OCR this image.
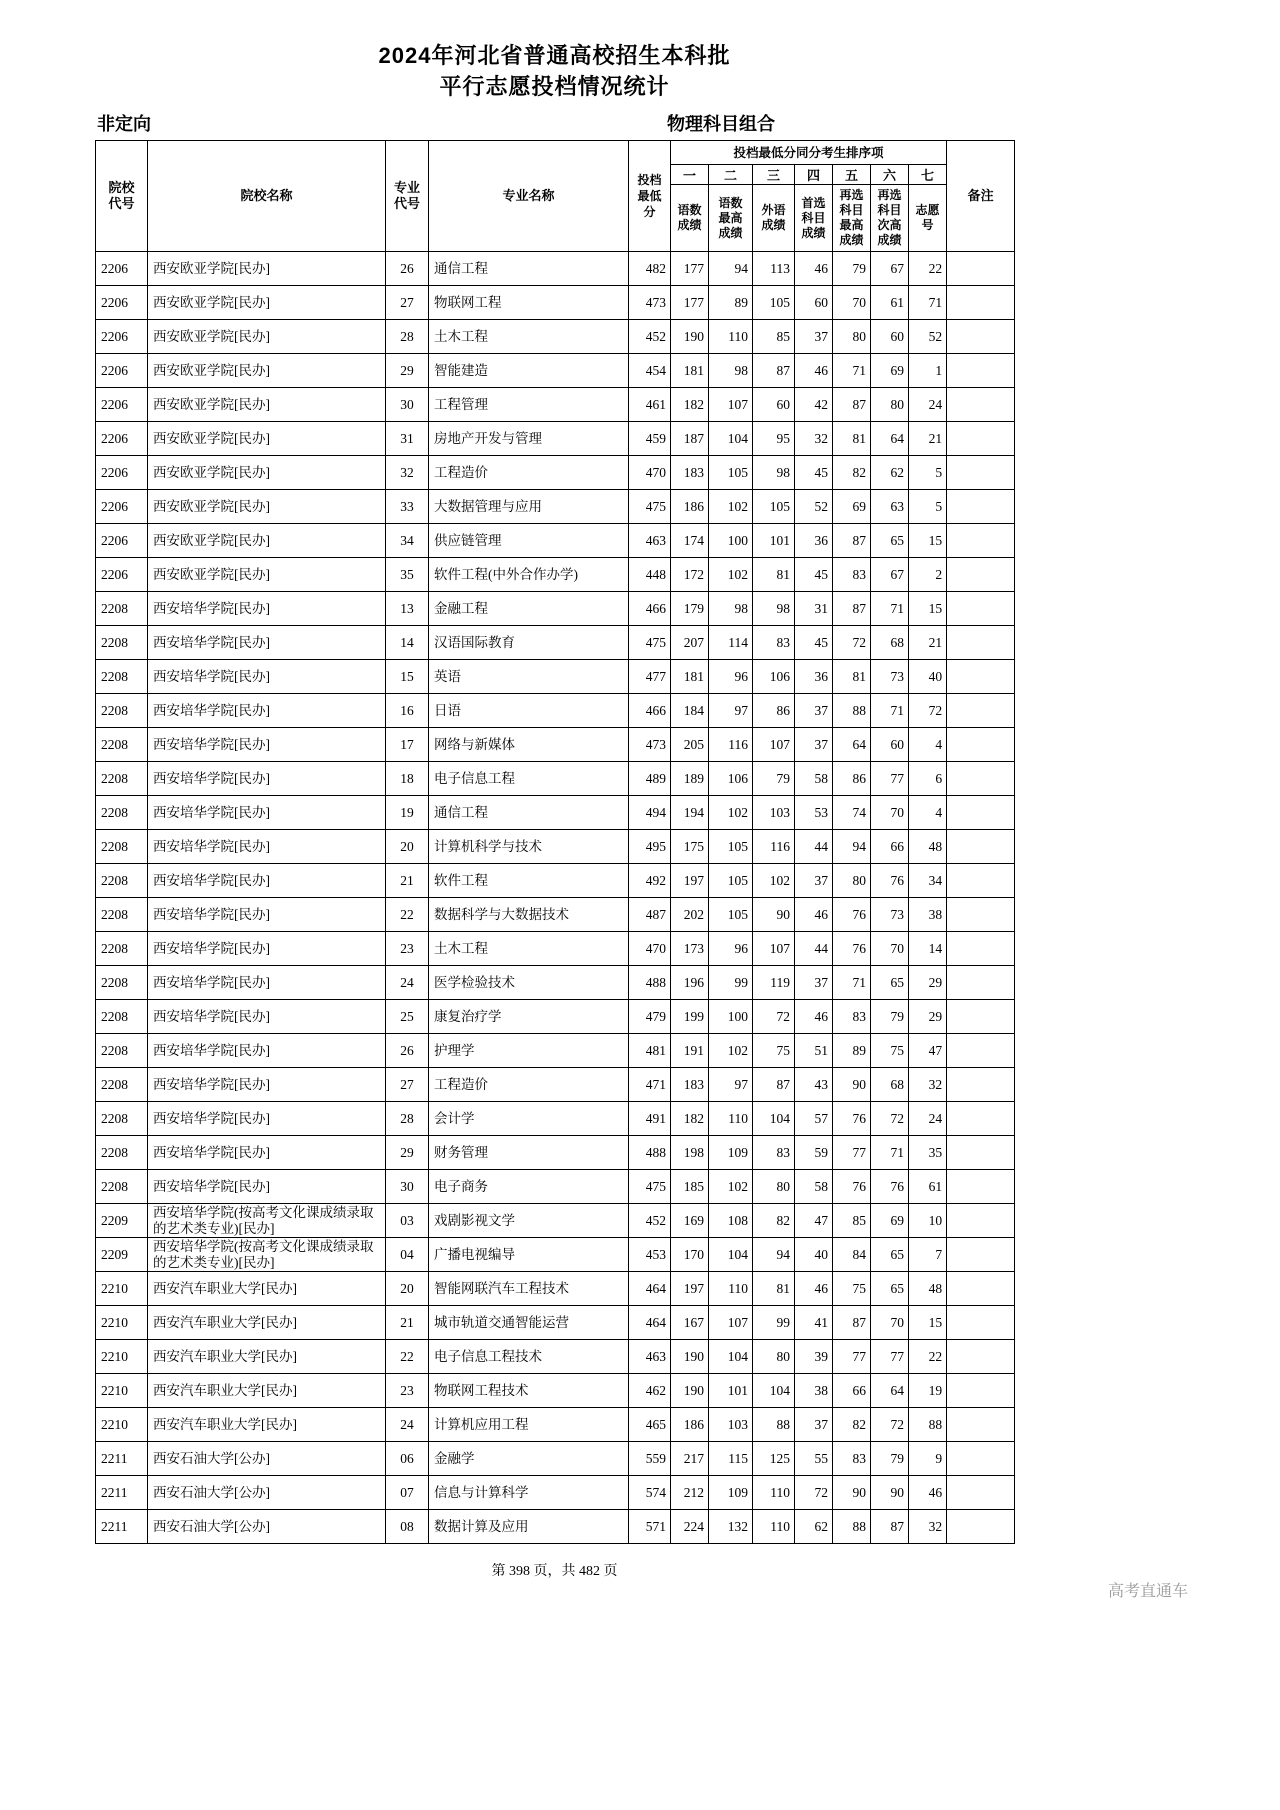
2024年河北省普通高校招生本科批
平行志愿投档情况统计
非定向	物理科目组合
院校代号	院校名称	专业代号	专业名称	投档最低分	投档最低分同分考生排序项							备注
					一	二	三	四	五	六	七	
					语数成绩	语数最高成绩	外语成绩	首选科目成绩	再选科目最高成绩	再选科目次高成绩	志愿号	
2206	西安欧亚学院[民办]	26	通信工程	482	177	94	113	46	79	67	22	
2206	西安欧亚学院[民办]	27	物联网工程	473	177	89	105	60	70	61	71	
2206	西安欧亚学院[民办]	28	土木工程	452	190	110	85	37	80	60	52	
2206	西安欧亚学院[民办]	29	智能建造	454	181	98	87	46	71	69	1	
2206	西安欧亚学院[民办]	30	工程管理	461	182	107	60	42	87	80	24	
2206	西安欧亚学院[民办]	31	房地产开发与管理	459	187	104	95	32	81	64	21	
2206	西安欧亚学院[民办]	32	工程造价	470	183	105	98	45	82	62	5	
2206	西安欧亚学院[民办]	33	大数据管理与应用	475	186	102	105	52	69	63	5	
2206	西安欧亚学院[民办]	34	供应链管理	463	174	100	101	36	87	65	15	
2206	西安欧亚学院[民办]	35	软件工程(中外合作办学)	448	172	102	81	45	83	67	2	
2208	西安培华学院[民办]	13	金融工程	466	179	98	98	31	87	71	15	
2208	西安培华学院[民办]	14	汉语国际教育	475	207	114	83	45	72	68	21	
2208	西安培华学院[民办]	15	英语	477	181	96	106	36	81	73	40	
2208	西安培华学院[民办]	16	日语	466	184	97	86	37	88	71	72	
2208	西安培华学院[民办]	17	网络与新媒体	473	205	116	107	37	64	60	4	
2208	西安培华学院[民办]	18	电子信息工程	489	189	106	79	58	86	77	6	
2208	西安培华学院[民办]	19	通信工程	494	194	102	103	53	74	70	4	
2208	西安培华学院[民办]	20	计算机科学与技术	495	175	105	116	44	94	66	48	
2208	西安培华学院[民办]	21	软件工程	492	197	105	102	37	80	76	34	
2208	西安培华学院[民办]	22	数据科学与大数据技术	487	202	105	90	46	76	73	38	
2208	西安培华学院[民办]	23	土木工程	470	173	96	107	44	76	70	14	
2208	西安培华学院[民办]	24	医学检验技术	488	196	99	119	37	71	65	29	
2208	西安培华学院[民办]	25	康复治疗学	479	199	100	72	46	83	79	29	
2208	西安培华学院[民办]	26	护理学	481	191	102	75	51	89	75	47	
2208	西安培华学院[民办]	27	工程造价	471	183	97	87	43	90	68	32	
2208	西安培华学院[民办]	28	会计学	491	182	110	104	57	76	72	24	
2208	西安培华学院[民办]	29	财务管理	488	198	109	83	59	77	71	35	
2208	西安培华学院[民办]	30	电子商务	475	185	102	80	58	76	76	61	
2209	西安培华学院(按高考文化课成绩录取的艺术类专业)[民办]	03	戏剧影视文学	452	169	108	82	47	85	69	10	
2209	西安培华学院(按高考文化课成绩录取的艺术类专业)[民办]	04	广播电视编导	453	170	104	94	40	84	65	7	
2210	西安汽车职业大学[民办]	20	智能网联汽车工程技术	464	197	110	81	46	75	65	48	
2210	西安汽车职业大学[民办]	21	城市轨道交通智能运营	464	167	107	99	41	87	70	15	
2210	西安汽车职业大学[民办]	22	电子信息工程技术	463	190	104	80	39	77	77	22	
2210	西安汽车职业大学[民办]	23	物联网工程技术	462	190	101	104	38	66	64	19	
2210	西安汽车职业大学[民办]	24	计算机应用工程	465	186	103	88	37	82	72	88	
2211	西安石油大学[公办]	06	金融学	559	217	115	125	55	83	79	9	
2211	西安石油大学[公办]	07	信息与计算科学	574	212	109	110	72	90	90	46	
2211	西安石油大学[公办]	08	数据计算及应用	571	224	132	110	62	88	87	32	
第 398 页，共 482 页
高考直通车
